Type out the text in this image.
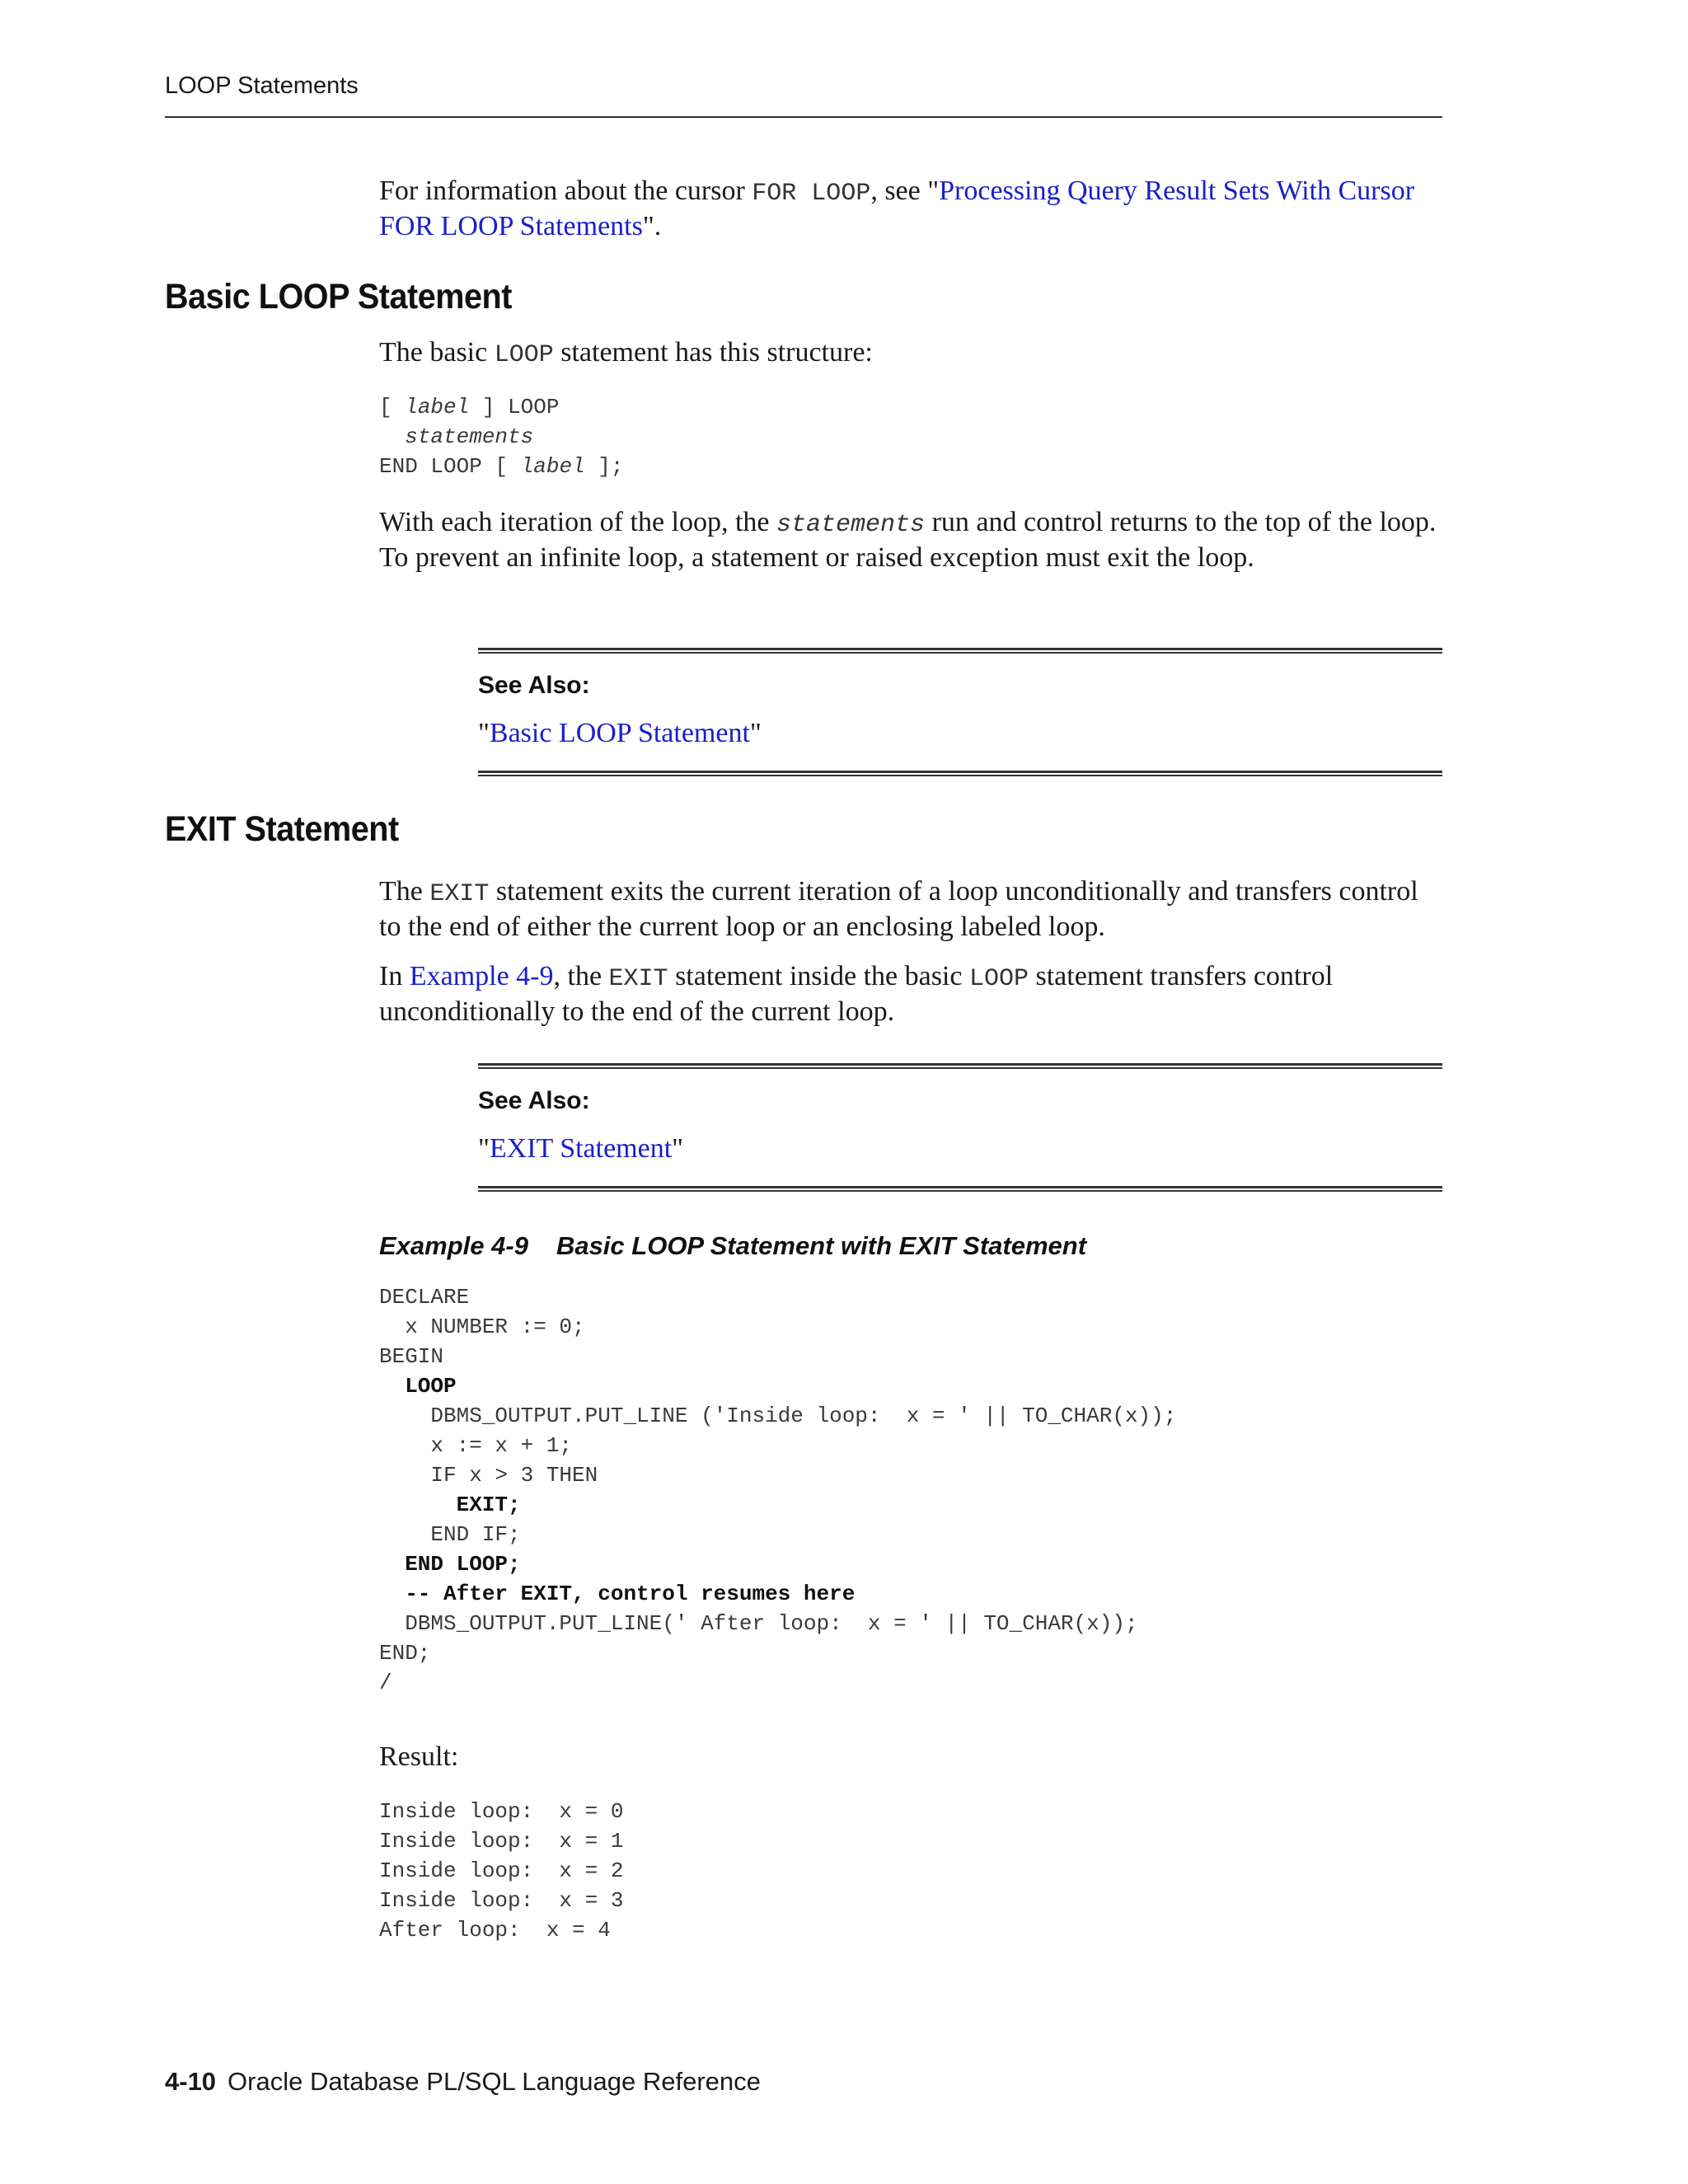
LOOP Statements

For information about the cursor FOR LOOP, see "Processing Query Result Sets With Cursor FOR LOOP Statements".

Basic LOOP Statement

The basic LOOP statement has this structure:

[ label ] LOOP
statements
END LOOP [ label ];

With each iteration of the loop, the statements run and control returns to the top of the loop. To prevent an infinite loop, a statement or raised exception must exit the loop.

See Also:

"Basic LOOP Statement"

EXIT Statement

The EXIT statement exits the current iteration of a loop unconditionally and transfers control to the end of either the current loop or an enclosing labeled loop.

In Example 4-9, the EXIT statement inside the basic LOOP statement transfers control unconditionally to the end of the current loop.

See Also:

"EXIT Statement"

Example 4-9 Basic LOOP Statement with EXIT Statement

DECLARE
x NUMBER := 0;
BEGIN
LOOP
DBMS_OUTPUT.PUT_LINE ('Inside loop:  x = ' || TO_CHAR(x));
x := x + 1;
IF x > 3 THEN
EXIT;
END IF;
END LOOP;
-- After EXIT, control resumes here
DBMS_OUTPUT.PUT_LINE(' After loop:  x = ' || TO_CHAR(x));
END;
/

Result:

Inside loop:  x = 0
Inside loop:  x = 1
Inside loop:  x = 2
Inside loop:  x = 3
After loop:  x = 4
4-10 Oracle Database PL/SQL Language Reference
